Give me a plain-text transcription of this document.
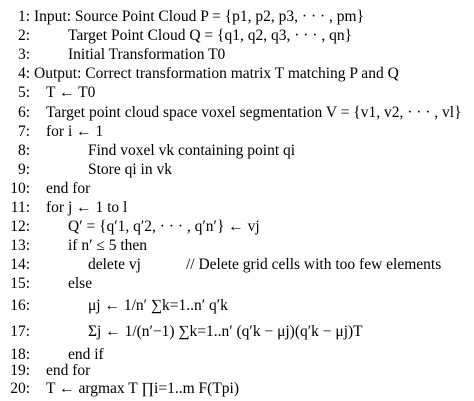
1: Input: Source Point Cloud P = {p1, p2, p3, · · · , pm}
2: Target Point Cloud Q = {q1, q2, q3, · · · , qn}
3: Initial Transformation T0
4: Output: Correct transformation matrix T matching P and Q
5: T ← T0
6: Target point cloud space voxel segmentation V = {v1, v2, · · · , vl}
7: for i ← 1
8:	Find voxel vk containing point qi
9:	Store qi in vk
10: end for
11: for j ← 1 to l
12: Q′ = {q′1, q′2, · · · , q′n′} ← vj
13: if n′ ≤ 5 then
14:	delete vj	// Delete grid cells with too few elements
15: else
16:	μj ← 1/n′ ∑k=1..n′ q′k
17:	Σj ← 1/(n′−1) ∑k=1..n′ (q′k − μj)(q′k − μj)T
18: end if
19: end for
20: T ← argmax T ∏i=1..m F(Tpi)
